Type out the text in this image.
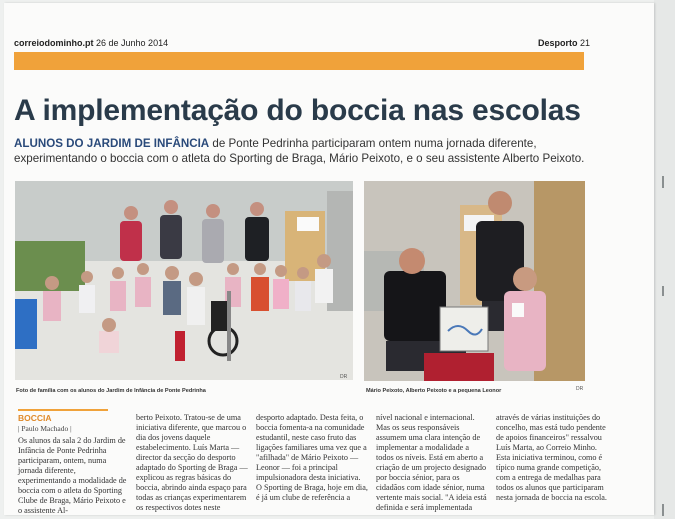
correiodominho.pt 26 de Junho 2014	Desporto 21
A implementação do boccia nas escolas
ALUNOS DO JARDIM DE INFÂNCIA de Ponte Pedrinha participaram ontem numa jornada diferente, experimentando o boccia com o atleta do Sporting de Braga, Mário Peixoto, e o seu assistente Alberto Peixoto.
Foto de família com os alunos do Jardim de Infância de Ponte Pedrinha
DR
Mário Peixoto, Alberto Peixoto e a pequena Leonor	DR
BOCCIA
| Paulo Machado |
Os alunos da sala 2 do Jardim de Infância de Ponte Pedrinha participaram, ontem, numa jornada diferente, experimentando a modalidade de boccia com o atleta do Sporting Clube de Braga, Mário Peixoto e o assistente Al-
berto Peixoto. Tratou-se de uma iniciativa diferente, que marcou o dia dos jovens daquele estabelecimento. Luís Marta — director da secção do desporto adaptado do Sporting de Braga — explicou as regras básicas do boccia, abrindo ainda espaço para todas as crianças experimentarem os respectivos dotes neste
desporto adaptado. Desta feita, o boccia fomenta-a na comunidade estudantil, neste caso fruto das ligações familiares uma vez que a "afilhada" de Mário Peixoto — Leonor — foi a principal impulsionadora desta iniciativa.
O Sporting de Braga, hoje em dia, é já um clube de referência a
nível nacional e internacional. Mas os seus responsáveis assumem uma clara intenção de implementar a modalidade a todos os níveis. Está em aberto a criação de um projecto designado por boccia sénior, para os cidadãos com idade sénior, numa vertente mais social. "A ideia está definida e será implementada
através de várias instituições do concelho, mas está tudo pendente de apoios financeiros" ressalvou Luís Marta, ao Correio Minho. Esta iniciativa terminou, como é típico numa grande competição, com a entrega de medalhas para todos os alunos que participaram nesta jornada de boccia na escola.
